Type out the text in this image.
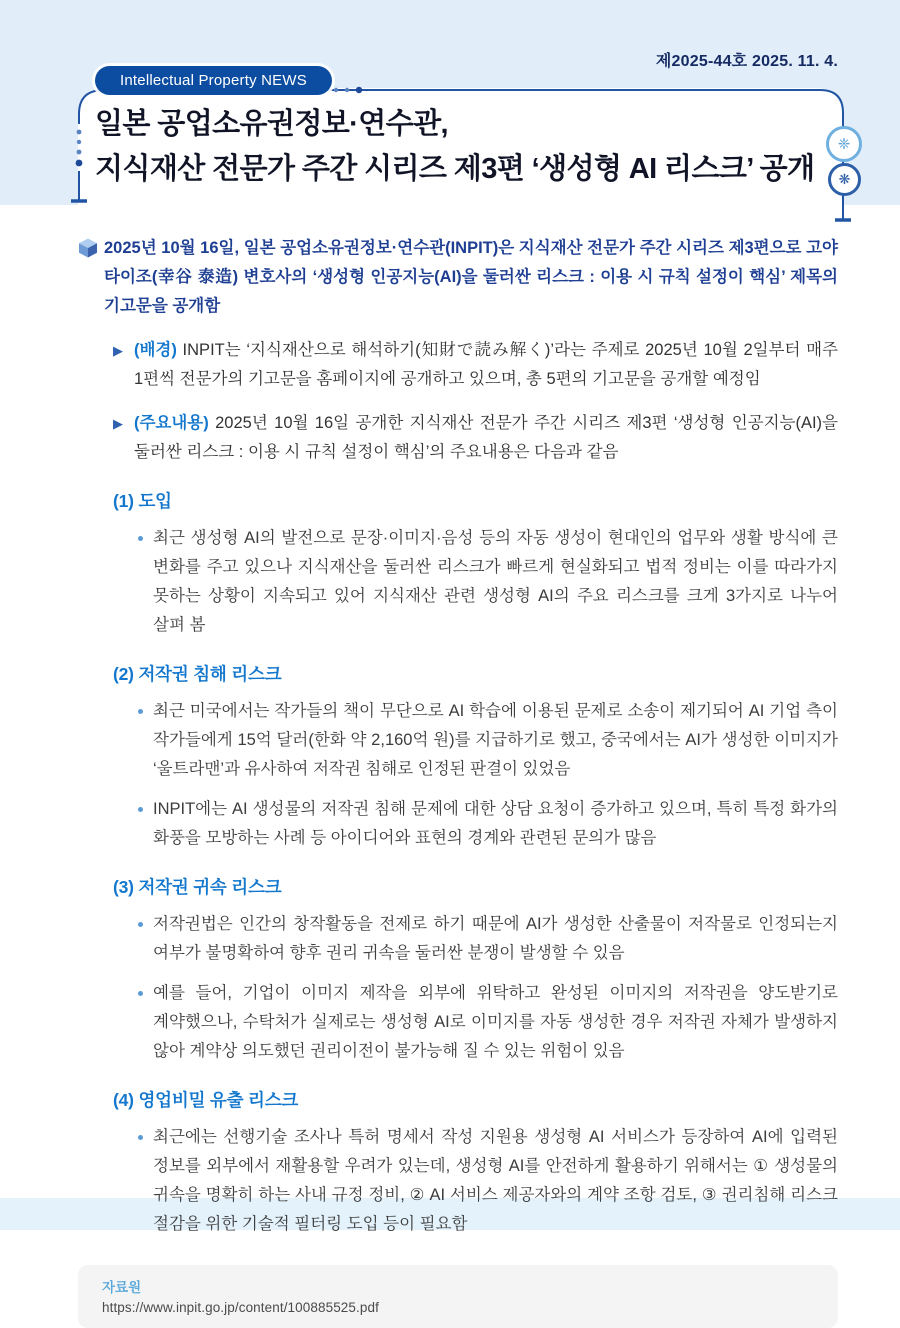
일본 공업소유권정보·연수관,
지식재산 전문가 주간 시리즈 제3편 ‘생성형 AI 리스크’ 공개
Intellectual Property NEWS
제2025-44호 2025. 11. 4.
❈
❋

2025년 10월 16일, 일본 공업소유권정보·연수관(INPIT)은 지식재산 전문가 주간 시리즈 제3편으로 고야 타이조(幸谷 泰造) 변호사의 ‘생성형 인공지능(AI)을 둘러싼 리스크 : 이용 시 규칙 설정이 핵심’ 제목의 기고문을 공개함

▶ (배경) INPIT는 ‘지식재산으로 해석하기(知財で読み解く)’라는 주제로 2025년 10월 2일부터 매주 1편씩 전문가의 기고문을 홈페이지에 공개하고 있으며, 총 5편의 기고문을 공개할 예정임

▶ (주요내용) 2025년 10월 16일 공개한 지식재산 전문가 주간 시리즈 제3편 ‘생성형 인공지능(AI)을 둘러싼 리스크 : 이용 시 규칙 설정이 핵심’의 주요내용은 다음과 같음

(1) 도입

최근 생성형 AI의 발전으로 문장·이미지·음성 등의 자동 생성이 현대인의 업무와 생활 방식에 큰 변화를 주고 있으나 지식재산을 둘러싼 리스크가 빠르게 현실화되고 법적 정비는 이를 따라가지 못하는 상황이 지속되고 있어 지식재산 관련 생성형 AI의 주요 리스크를 크게 3가지로 나누어 살펴 봄

(2) 저작권 침해 리스크

최근 미국에서는 작가들의 책이 무단으로 AI 학습에 이용된 문제로 소송이 제기되어 AI 기업 측이 작가들에게 15억 달러(한화 약 2,160억 원)를 지급하기로 했고, 중국에서는 AI가 생성한 이미지가 ‘울트라맨’과 유사하여 저작권 침해로 인정된 판결이 있었음

INPIT에는 AI 생성물의 저작권 침해 문제에 대한 상담 요청이 증가하고 있으며, 특히 특정 화가의 화풍을 모방하는 사례 등 아이디어와 표현의 경계와 관련된 문의가 많음

(3) 저작권 귀속 리스크

저작권법은 인간의 창작활동을 전제로 하기 때문에 AI가 생성한 산출물이 저작물로 인정되는지 여부가 불명확하여 향후 권리 귀속을 둘러싼 분쟁이 발생할 수 있음

예를 들어, 기업이 이미지 제작을 외부에 위탁하고 완성된 이미지의 저작권을 양도받기로 계약했으나, 수탁처가 실제로는 생성형 AI로 이미지를 자동 생성한 경우 저작권 자체가 발생하지 않아 계약상 의도했던 권리이전이 불가능해 질 수 있는 위험이 있음

(4) 영업비밀 유출 리스크

최근에는 선행기술 조사나 특허 명세서 작성 지원용 생성형 AI 서비스가 등장하여 AI에 입력된 정보를 외부에서 재활용할 우려가 있는데, 생성형 AI를 안전하게 활용하기 위해서는 ① 생성물의 귀속을 명확히 하는 사내 규정 정비, ② AI 서비스 제공자와의 계약 조항 검토, ③ 권리침해 리스크 절감을 위한 기술적 필터링 도입 등이 필요함

자료원
https://www.inpit.go.jp/content/100885525.pdf
